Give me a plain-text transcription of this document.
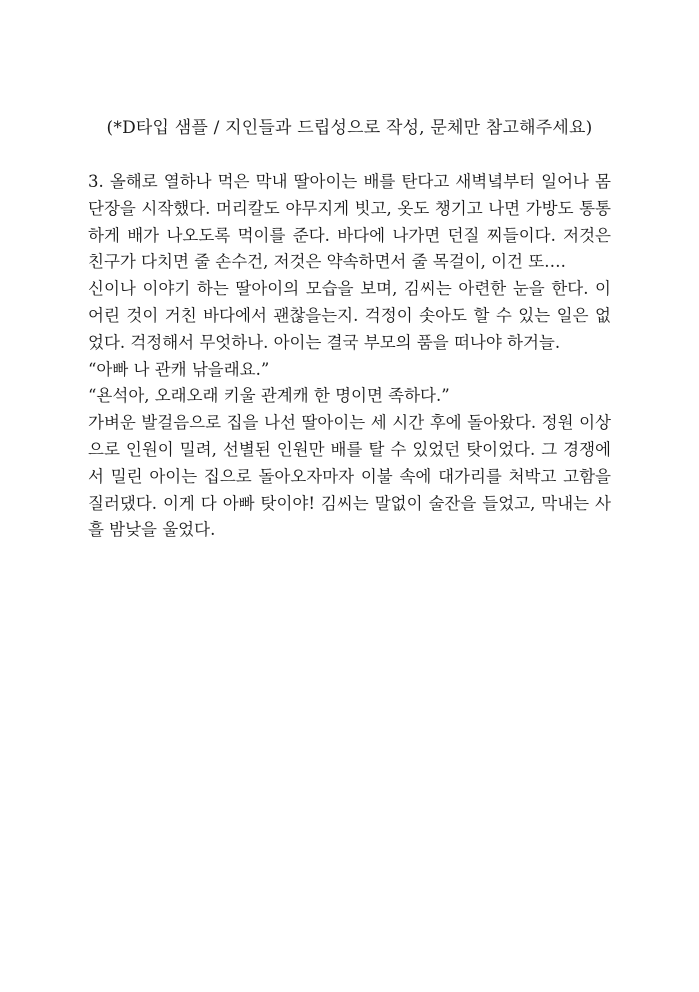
(*D타입 샘플 / 지인들과 드립성으로 작성, 문체만 참고해주세요)

3. 올해로 열하나 먹은 막내 딸아이는 배를 탄다고 새벽녘부터 일어나 몸단장을 시작했다. 머리칼도 야무지게 빗고, 옷도 챙기고 나면 가방도 통통하게 배가 나오도록 먹이를 준다. 바다에 나가면 던질 찌들이다. 저것은 친구가 다치면 줄 손수건, 저것은 약속하면서 줄 목걸이, 이건 또….

신이나 이야기 하는 딸아이의 모습을 보며, 김씨는 아련한 눈을 한다. 이 어린 것이 거친 바다에서 괜찮을는지. 걱정이 솟아도 할 수 있는 일은 없었다. 걱정해서 무엇하나. 아이는 결국 부모의 품을 떠나야 하거늘.

“아빠 나 관캐 낚을래요.”

“욘석아, 오래오래 키울 관계캐 한 명이면 족하다.”

가벼운 발걸음으로 집을 나선 딸아이는 세 시간 후에 돌아왔다. 정원 이상으로 인원이 밀려, 선별된 인원만 배를 탈 수 있었던 탓이었다. 그 경쟁에서 밀린 아이는 집으로 돌아오자마자 이불 속에 대가리를 처박고 고함을 질러댔다. 이게 다 아빠 탓이야! 김씨는 말없이 술잔을 들었고, 막내는 사흘 밤낮을 울었다.
